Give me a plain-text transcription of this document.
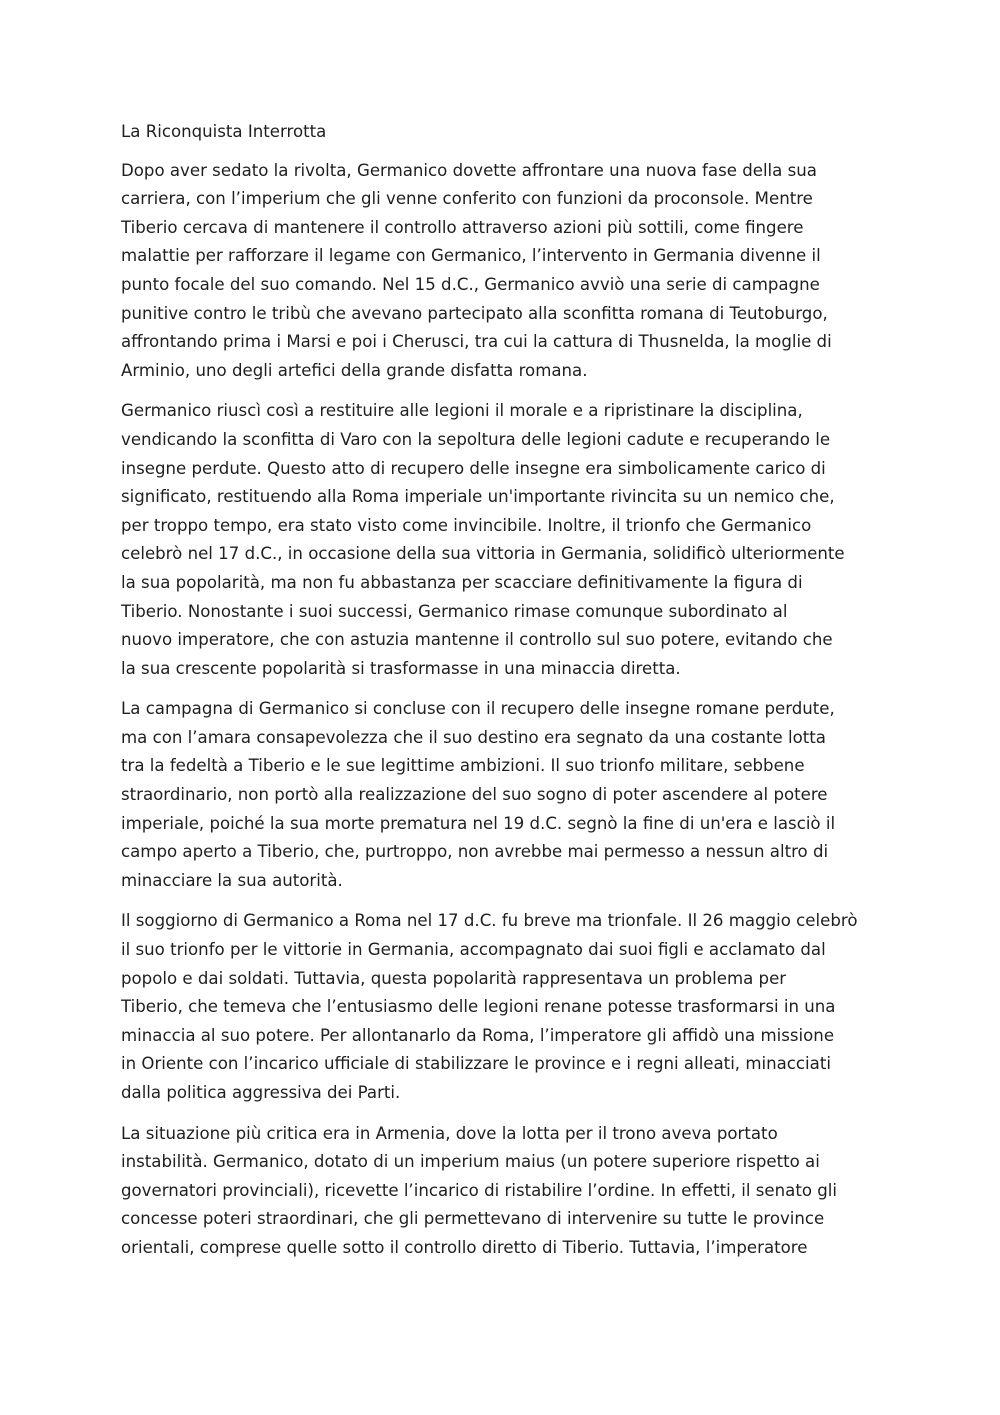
La Riconquista Interrotta
Dopo aver sedato la rivolta, Germanico dovette affrontare una nuova fase della sua
carriera, con l’imperium che gli venne conferito con funzioni da proconsole. Mentre
Tiberio cercava di mantenere il controllo attraverso azioni più sottili, come fingere
malattie per rafforzare il legame con Germanico, l’intervento in Germania divenne il
punto focale del suo comando. Nel 15 d.C., Germanico avviò una serie di campagne
punitive contro le tribù che avevano partecipato alla sconfitta romana di Teutoburgo,
affrontando prima i Marsi e poi i Cherusci, tra cui la cattura di Thusnelda, la moglie di
Arminio, uno degli artefici della grande disfatta romana.
Germanico riuscì così a restituire alle legioni il morale e a ripristinare la disciplina,
vendicando la sconfitta di Varo con la sepoltura delle legioni cadute e recuperando le
insegne perdute. Questo atto di recupero delle insegne era simbolicamente carico di
significato, restituendo alla Roma imperiale un'importante rivincita su un nemico che,
per troppo tempo, era stato visto come invincibile. Inoltre, il trionfo che Germanico
celebrò nel 17 d.C., in occasione della sua vittoria in Germania, solidificò ulteriormente
la sua popolarità, ma non fu abbastanza per scacciare definitivamente la figura di
Tiberio. Nonostante i suoi successi, Germanico rimase comunque subordinato al
nuovo imperatore, che con astuzia mantenne il controllo sul suo potere, evitando che
la sua crescente popolarità si trasformasse in una minaccia diretta.
La campagna di Germanico si concluse con il recupero delle insegne romane perdute,
ma con l’amara consapevolezza che il suo destino era segnato da una costante lotta
tra la fedeltà a Tiberio e le sue legittime ambizioni. Il suo trionfo militare, sebbene
straordinario, non portò alla realizzazione del suo sogno di poter ascendere al potere
imperiale, poiché la sua morte prematura nel 19 d.C. segnò la fine di un'era e lasciò il
campo aperto a Tiberio, che, purtroppo, non avrebbe mai permesso a nessun altro di
minacciare la sua autorità.
Il soggiorno di Germanico a Roma nel 17 d.C. fu breve ma trionfale. Il 26 maggio celebrò
il suo trionfo per le vittorie in Germania, accompagnato dai suoi figli e acclamato dal
popolo e dai soldati. Tuttavia, questa popolarità rappresentava un problema per
Tiberio, che temeva che l’entusiasmo delle legioni renane potesse trasformarsi in una
minaccia al suo potere. Per allontanarlo da Roma, l’imperatore gli affidò una missione
in Oriente con l’incarico ufficiale di stabilizzare le province e i regni alleati, minacciati
dalla politica aggressiva dei Parti.
La situazione più critica era in Armenia, dove la lotta per il trono aveva portato
instabilità. Germanico, dotato di un imperium maius (un potere superiore rispetto ai
governatori provinciali), ricevette l’incarico di ristabilire l’ordine. In effetti, il senato gli
concesse poteri straordinari, che gli permettevano di intervenire su tutte le province
orientali, comprese quelle sotto il controllo diretto di Tiberio. Tuttavia, l’imperatore
